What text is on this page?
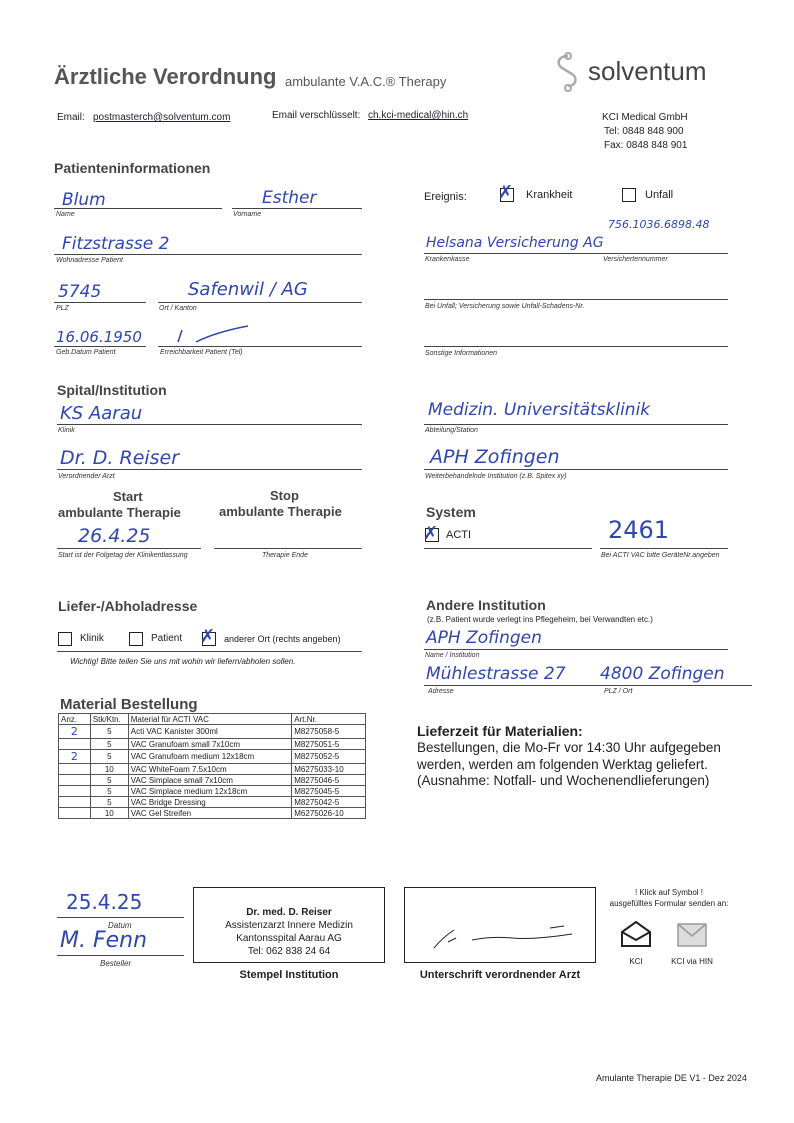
Ärztliche Verordnung ambulante V.A.C.® Therapy	solventum
Email: postmasterch@solventum.com	Email verschlüsselt: ch.kci-medical@hin.ch	KCI Medical GmbH
Tel: 0848 848 900
Fax: 0848 848 901
Patienteninformationen
Blum
Name
Esther
Vorname
Fitzstrasse 2
Wohnadresse Patient
5745
PLZ
Safenwil / AG
Ort / Kanton
16.06.1950
Geb.Datum Patient	Erreichbarkeit Patient (Tel)
Ereignis: ✗ Krankheit	Unfall
Helsana Versicherung AG
756.1036.6898.48
Krankenkasse	Versichertennummer
Bei Unfall; Versicherung sowie Unfall-Schadens-Nr.
Sonstige Informationen
Spital/Institution
KS Aarau
Klinik
Dr. D. Reiser
Verordnender Arzt
Medizin. Universitätsklinik
Abteilung/Station
APH Zofingen
Weiterbehandelnde Institution (z.B. Spitex xy)
Start
ambulante Therapie
Stop
ambulante Therapie
26.4.25
Start ist der Folgetag der Klinikentlassung	Therapie Ende
System
✗ ACTI	2461
Bei ACTI VAC bitte GeräteNr.angeben
Liefer-/Abholadresse
Klinik	Patient ✗ anderer Ort (rechts angeben)
Wichtig! Bitte teilen Sie uns mit wohin wir liefern/abholen sollen.
Andere Institution
(z.B. Patient wurde verlegt ins Pflegeheim, bei Verwandten etc.)
APH Zofingen
Name / Institution
Mühlestrasse 27 4800 Zofingen
Adresse	PLZ / Ort
Material Bestellung
Anz.	Stk/Ktn.	Material für ACTI VAC	Art.Nr.
2	5	Acti VAC Kanister 300ml	M8275058-5
	5	VAC Granufoam small 7x10cm	M8275051-5
2	5	VAC Granufoam medium 12x18cm	M8275052-5
	10	VAC WhiteFoam 7.5x10cm	M6275033-10
	5	VAC Simplace small 7x10cm	M8275046-5
	5	VAC Simplace medium 12x18cm	M8275045-5
	5	VAC Bridge Dressing	M8275042-5
	10	VAC Gel Streifen	M6275026-10
Lieferzeit für Materialien:
Bestellungen, die Mo-Fr vor 14:30 Uhr aufgegeben
werden, werden am folgenden Werktag geliefert.
(Ausnahme: Notfall- und Wochenendlieferungen)
25.4.25
Datum
M. Fenn
Besteller
Dr. med. D. Reiser
Assistenzarzt Innere Medizin
Kantonsspital Aarau AG
Tel: 062 838 24 64
Stempel Institution	Unterschrift verordnender Arzt
! Klick auf Symbol !
ausgefülltes Formular senden an:
KCI	KCI via HIN
Amulante Therapie DE V1 - Dez 2024
